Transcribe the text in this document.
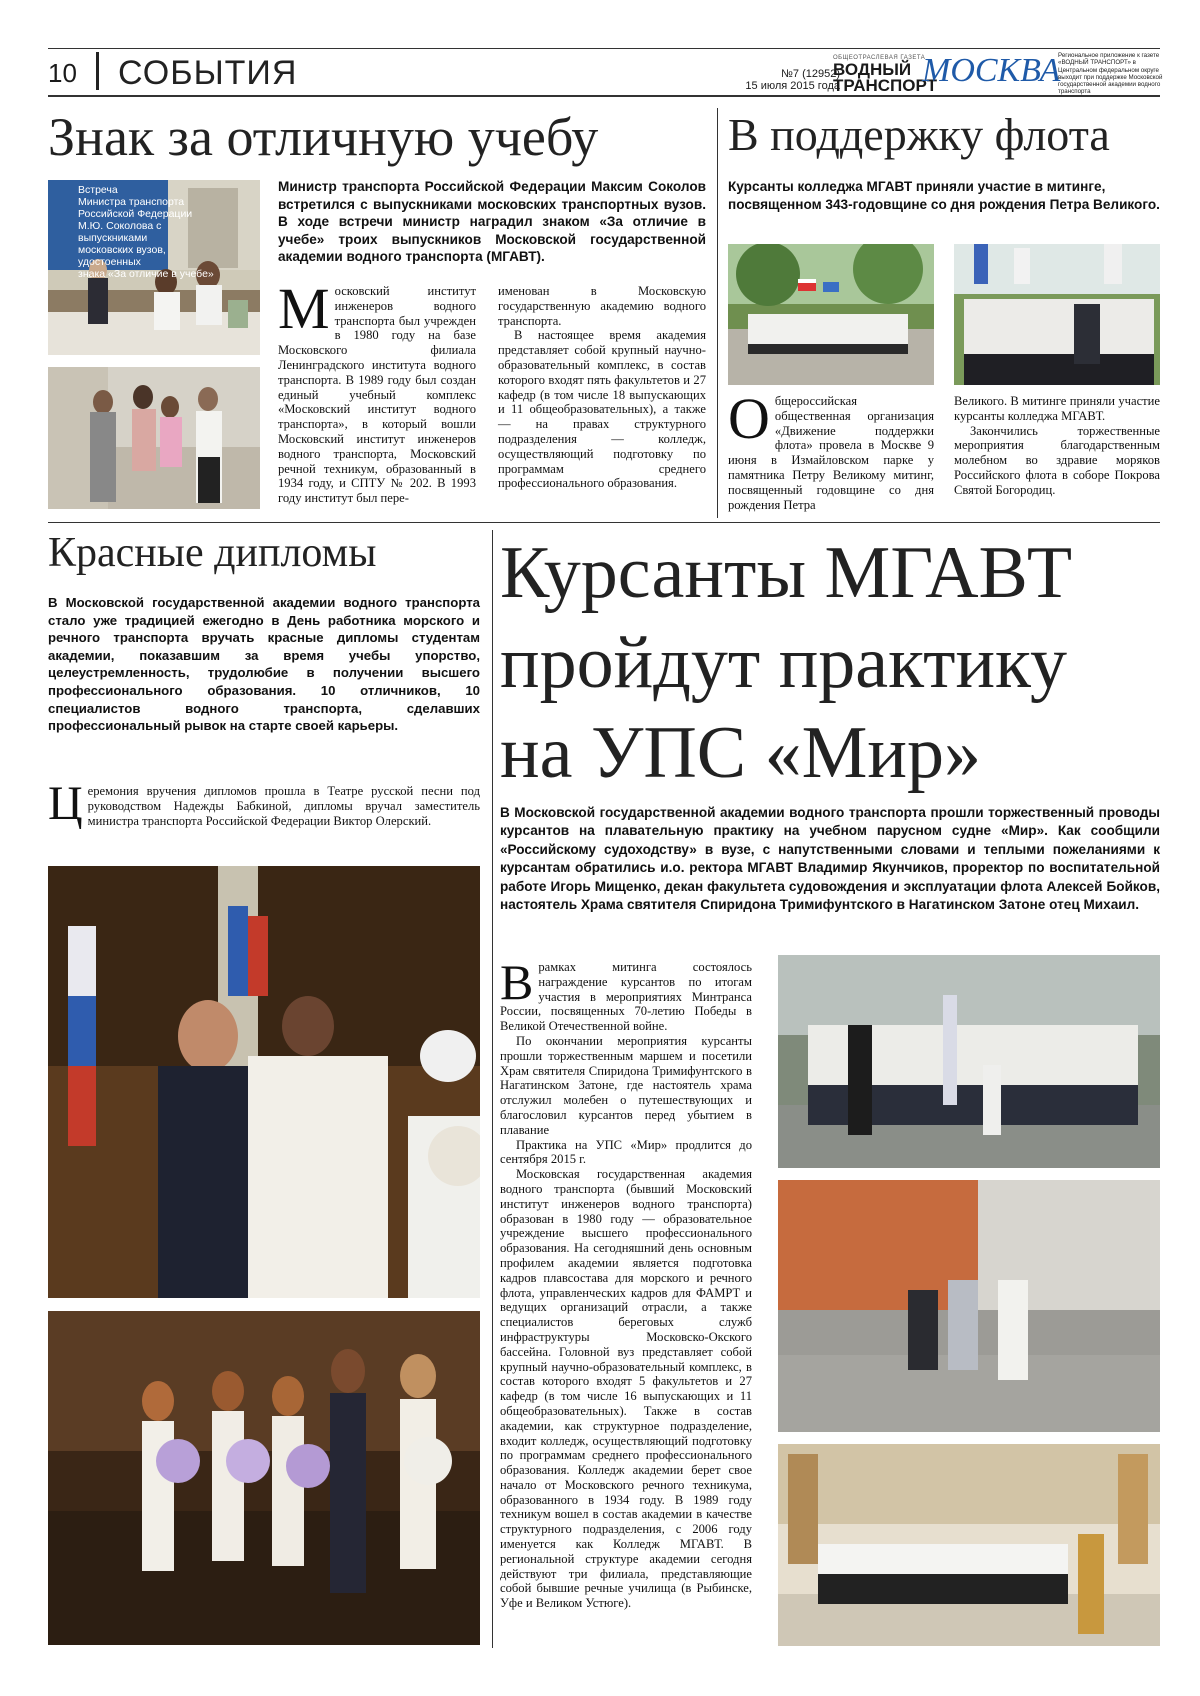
10 СОБЫТИЯ	№7 (12952)
15 июля 2015 года
ОБЩЕОТРАСЛЕВАЯ ГАЗЕТА
ВОДНЫЙ
ТРАНСПОРТ
МОСКВА
Региональное приложение к газете «ВОДНЫЙ ТРАНСПОРТ» в Центральном федеральном округе выходит при поддержке Московской государственной академии водного транспорта
Знак за отличную учебу
Встреча
Министра транспорта
Российской Федерации
М.Ю. Соколова с выпускниками
московских вузов, удостоенных
знака «За отличие в учебе»
Министр транспорта Российской Федерации Максим Соколов встретился с выпускниками московских транспортных вузов. В ходе встречи министр наградил знаком «За отличие в учебе» троих выпускников Московской государственной академии водного транспорта (МГАВТ).
Московский институт инженеров водного транспорта был учрежден в 1980 году на базе Московского филиала Ленинградского института водного транспорта. В 1989 году был создан единый учебный комплекс «Московский институт водного транспорта», в который вошли Московский институт инженеров водного транспорта, Московский речной техникум, образованный в 1934 году, и СПТУ № 202. В 1993 году институт был пере-

именован в Московскую государственную академию водного транспорта.

В настоящее время академия представляет собой крупный научно-образовательный комплекс, в состав которого входят пять факультетов и 27 кафедр (в том числе 18 выпускающих и 11 общеобразовательных), а также — на правах структурного подразделения — колледж, осуществляющий подготовку по программам среднего профессионального образования.

В поддержку флота
Курсанты колледжа МГАВТ приняли участие в митинге, посвященном 343-годовщине со дня рождения Петра Великого.
Общероссийская общественная организация «Движение поддержки флота» провела в Москве 9 июня в Измайловском парке у памятника Петру Великому митинг, посвященный годовщине со дня рождения Петра

Великого. В митинге приняли участие курсанты колледжа МГАВТ.

Закончились торжественные мероприятия благодарственным молебном во здравие моряков Российского флота в соборе Покрова Святой Богородиц.

Красные дипломы
В Московской государственной академии водного транспорта стало уже традицией ежегодно в День работника морского и речного транспорта вручать красные дипломы студентам академии, показавшим за время учебы упорство, целеустремленность, трудолюбие в получении высшего профессионального образования. 10 отличников, 10 специалистов водного транспорта, сделавших профессиональный рывок на старте своей карьеры.
Церемония вручения дипломов прошла в Театре русской песни под руководством Надежды Бабкиной, дипломы вручал заместитель министра транспорта Российской Федерации Виктор Олерский.
Курсанты МГАВТ
пройдут практику
на УПС «Мир»
В Московской государственной академии водного транспорта прошли торжественный проводы курсантов на плавательную практику на учебном парусном судне «Мир». Как сообщили «Российскому судоходству» в вузе, с напутственными словами и теплыми пожеланиями к курсантам обратились и.о. ректора МГАВТ Владимир Якунчиков, проректор по воспитательной работе Игорь Мищенко, декан факультета судовождения и эксплуатации флота Алексей Бойков, настоятель Храма святителя Спиридона Тримифунтского в Нагатинском Затоне отец Михаил.
Врамках митинга состоялось награждение курсантов по итогам участия в мероприятиях Минтранса России, посвященных 70-летию Победы в Великой Отечественной войне.

По окончании мероприятия курсанты прошли торжественным маршем и посетили Храм святителя Спиридона Тримифунтского в Нагатинском Затоне, где настоятель храма отслужил молебен о путешествующих и благословил курсантов перед убытием в плавание

Практика на УПС «Мир» продлится до сентября 2015 г.

Московская государственная академия водного транспорта (бывший Московский институт инженеров водного транспорта) образован в 1980 году — образовательное учреждение высшего профессионального образования. На сегодняшний день основным профилем академии является подготовка кадров плавсостава для морского и речного флота, управленческих кадров для ФАМРТ и ведущих организаций отрасли, а также специалистов береговых служб инфраструктуры Московско-Окского бассейна. Головной вуз представляет собой крупный научно-образовательный комплекс, в состав которого входят 5 факультетов и 27 кафедр (в том числе 16 выпускающих и 11 общеобразовательных). Также в состав академии, как структурное подразделение, входит колледж, осуществляющий подготовку по программам среднего профессионального образования. Колледж академии берет свое начало от Московского речного техникума, образованного в 1934 году. В 1989 году техникум вошел в состав академии в качестве структурного подразделения, с 2006 году именуется как Колледж МГАВТ. В региональной структуре академии сегодня действуют три филиала, представляющие собой бывшие речные училища (в Рыбинске, Уфе и Великом Устюге).
